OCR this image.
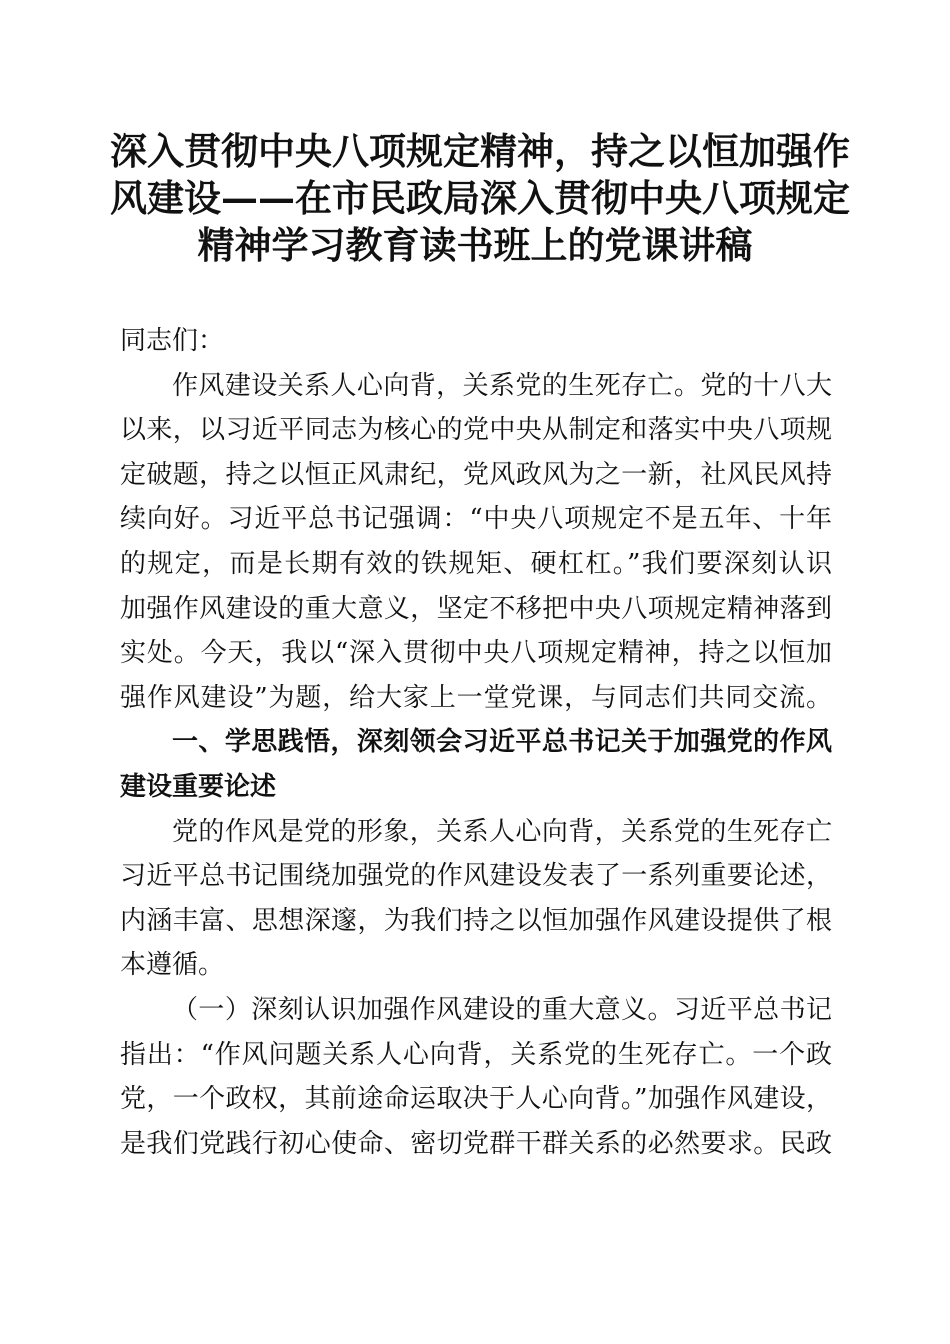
深入贯彻中央八项规定精神，持之以恒加强作
风建设——在市民政局深入贯彻中央八项规定
精神学习教育读书班上的党课讲稿
同志们：
作风建设关系人心向背，关系党的生死存亡。党的十八大
以来，以习近平同志为核心的党中央从制定和落实中央八项规
定破题，持之以恒正风肃纪，党风政风为之一新，社风民风持
续向好。习近平总书记强调：“中央八项规定不是五年、十年
的规定，而是长期有效的铁规矩、硬杠杠。”我们要深刻认识
加强作风建设的重大意义，坚定不移把中央八项规定精神落到
实处。今天，我以“深入贯彻中央八项规定精神，持之以恒加
强作风建设”为题，给大家上一堂党课，与同志们共同交流。
一、学思践悟，深刻领会习近平总书记关于加强党的作风
建设重要论述
党的作风是党的形象，关系人心向背，关系党的生死存亡
习近平总书记围绕加强党的作风建设发表了一系列重要论述，
内涵丰富、思想深邃，为我们持之以恒加强作风建设提供了根
本遵循。
（一）深刻认识加强作风建设的重大意义。习近平总书记
指出：“作风问题关系人心向背，关系党的生死存亡。一个政
党，一个政权，其前途命运取决于人心向背。”加强作风建设，
是我们党践行初心使命、密切党群干群关系的必然要求。民政
